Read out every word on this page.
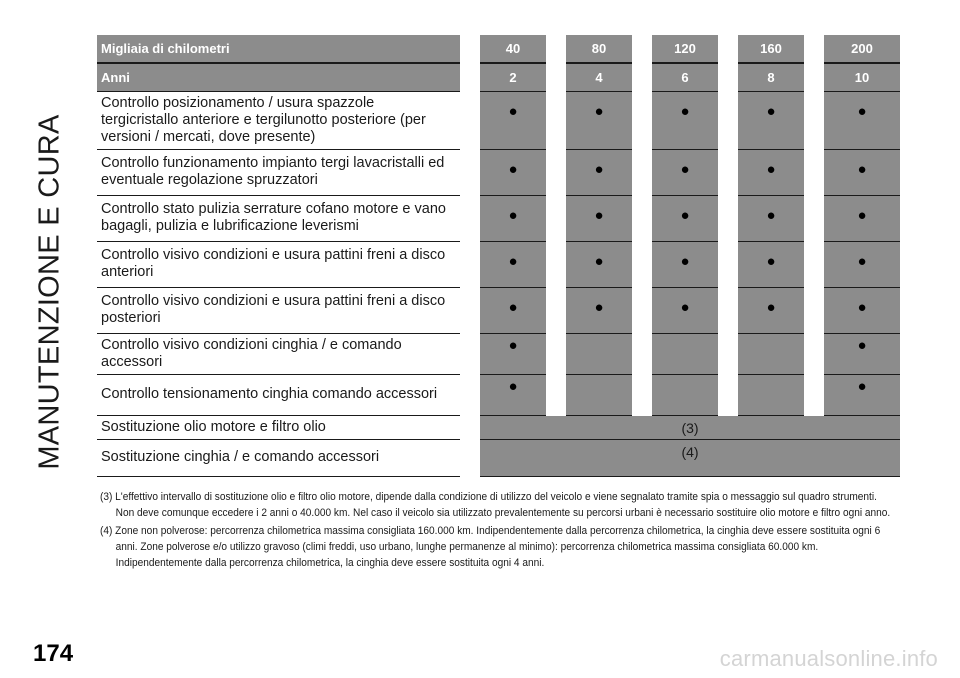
MANUTENZIONE E CURA
Migliaia di chilometri	40	80	120	160	200
Anni	2	4	6	8	10
Controllo posizionamento / usura spazzole tergicristallo anteriore e tergilunotto posteriore (per versioni / mercati, dove presente)	●	●	●	●	●
Controllo funzionamento impianto tergi lavacristalli ed eventuale regolazione spruzzatori	●	●	●	●	●
Controllo stato pulizia serrature cofano motore e vano bagagli, pulizia e lubrificazione leverismi	●	●	●	●	●
Controllo visivo condizioni e usura pattini freni a disco anteriori	●	●	●	●	●
Controllo visivo condizioni e usura pattini freni a disco posteriori	●	●	●	●	●
Controllo visivo condizioni cinghia / e comando accessori	●				●
Controllo tensionamento cinghia comando accessori	●				●
Sostituzione olio motore e filtro olio	(3)				
Sostituzione cinghia / e comando accessori	(4)				

(3) L'effettivo intervallo di sostituzione olio e filtro olio motore, dipende dalla condizione di utilizzo del veicolo e viene segnalato tramite spia o messaggio sul quadro strumenti. Non deve comunque eccedere i 2 anni o 40.000 km. Nel caso il veicolo sia utilizzato prevalentemente su percorsi urbani è necessario sostituire olio motore e filtro ogni anno.

(4) Zone non polverose: percorrenza chilometrica massima consigliata 160.000 km. Indipendentemente dalla percorrenza chilometrica, la cinghia deve essere sostituita ogni 6 anni. Zone polverose e/o utilizzo gravoso (climi freddi, uso urbano, lunghe permanenze al minimo): percorrenza chilometrica massima consigliata 60.000 km. Indipendentemente dalla percorrenza chilometrica, la cinghia deve essere sostituita ogni 4 anni.

174	carmanualsonline.info
